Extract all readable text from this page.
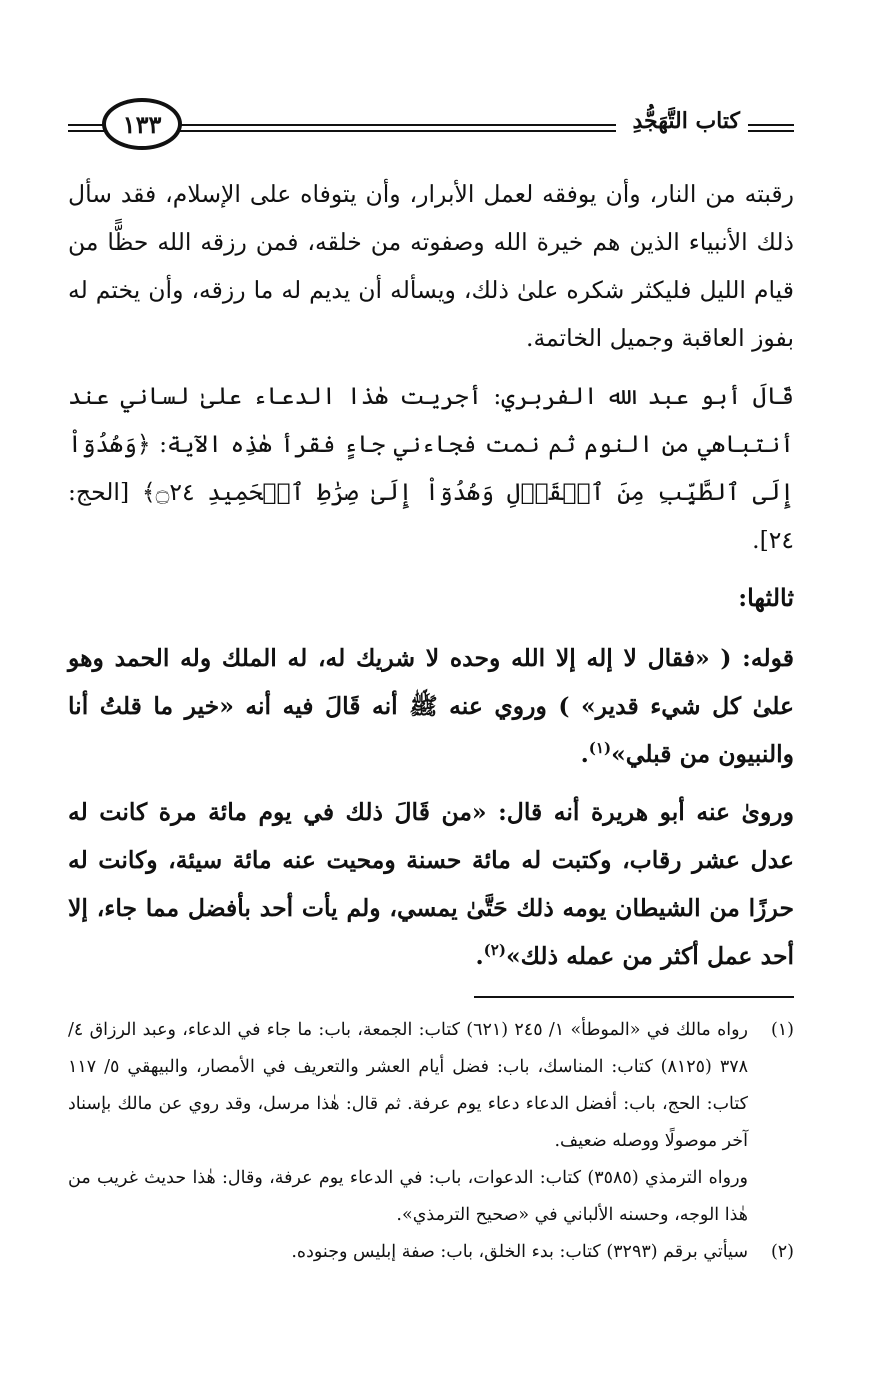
كتاب التَّهَجُّدِ
١٣٣

رقبته من النار، وأن يوفقه لعمل الأبرار، وأن يتوفاه على الإسلام، فقد سأل ذلك الأنبياء الذين هم خيرة الله وصفوته من خلقه، فمن رزقه الله حظًّا من قيام الليل فليكثر شكره علىٰ ذلك، ويسأله أن يديم له ما رزقه، وأن يختم له بفوز العاقبة وجميل الخاتمة.

قَالَ أبو عبد الله الفربري: أجريت هٰذا الدعاء علىٰ لساني عند أنتباهي من النوم ثم نمت فجاءني جاءٍ فقرأ هٰذِه الآية: ﴿وَهُدُوٓاْ إِلَى ٱلطَّيِّبِ مِنَ ٱلۡقَوۡلِ وَهُدُوٓاْ إِلَىٰ صِرَٰطِ ٱلۡحَمِيدِ ۝٢٤﴾ [الحج: ٢٤].

ثالثها:

قوله: ( «فقال لا إله إلا الله وحده لا شريك له، له الملك وله الحمد وهو علىٰ كل شيء قدير» ) وروي عنه ﷺ أنه قَالَ فيه أنه «خير ما قلتُ أنا والنبيون من قبلي»$^{(١)}$.

وروىٰ عنه أبو هريرة أنه قال: «من قَالَ ذلك في يوم مائة مرة كانت له عدل عشر رقاب، وكتبت له مائة حسنة ومحيت عنه مائة سيئة، وكانت له حرزًا من الشيطان يومه ذلك حَتَّىٰ يمسي، ولم يأت أحد بأفضل مما جاء، إلا أحد عمل أكثر من عمله ذلك»$^{(٢)}$.

(١)
رواه مالك في «الموطأ» ١/ ٢٤٥ (٦٢١) كتاب: الجمعة، باب: ما جاء في الدعاء، وعبد الرزاق ٤/ ٣٧٨ (٨١٢٥) كتاب: المناسك، باب: فضل أيام العشر والتعريف في الأمصار، والبيهقي ٥/ ١١٧ كتاب: الحج، باب: أفضل الدعاء دعاء يوم عرفة. ثم قال: هٰذا مرسل، وقد روي عن مالك بإسناد آخر موصولًا ووصله ضعيف.
ورواه الترمذي (٣٥٨٥) كتاب: الدعوات، باب: في الدعاء يوم عرفة، وقال: هٰذا حديث غريب من هٰذا الوجه، وحسنه الألباني في «صحيح الترمذي».
(٢)
سيأتي برقم (٣٢٩٣) كتاب: بدء الخلق، باب: صفة إبليس وجنوده.
